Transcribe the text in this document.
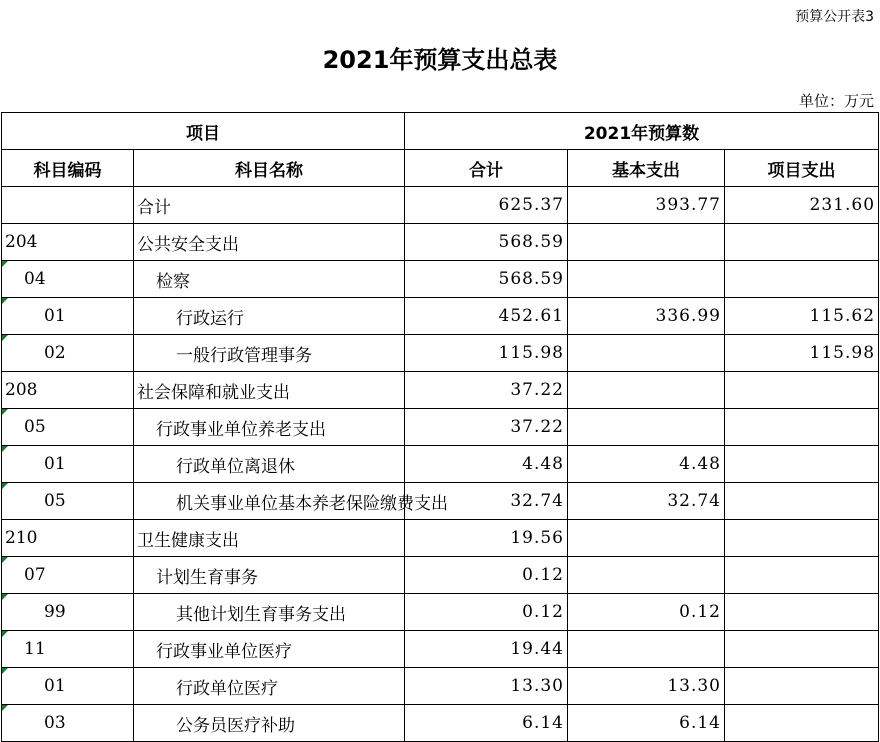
预算公开表3
2021年预算支出总表
单位：万元
项目		2021年预算数		
科目编码	科目名称	合计	基本支出	项目支出
	合计	625.37	393.77	231.60
204	公共安全支出	568.59		
04	检察	568.59		
01	行政运行	452.61	336.99	115.62
02	一般行政管理事务	115.98		115.98
208	社会保障和就业支出	37.22		
05	行政事业单位养老支出	37.22		
01	行政单位离退休	4.48	4.48	
05	机关事业单位基本养老保险缴费支出	32.74	32.74	
210	卫生健康支出	19.56		
07	计划生育事务	0.12		
99	其他计划生育事务支出	0.12	0.12	
11	行政事业单位医疗	19.44		
01	行政单位医疗	13.30	13.30	
03	公务员医疗补助	6.14	6.14	
